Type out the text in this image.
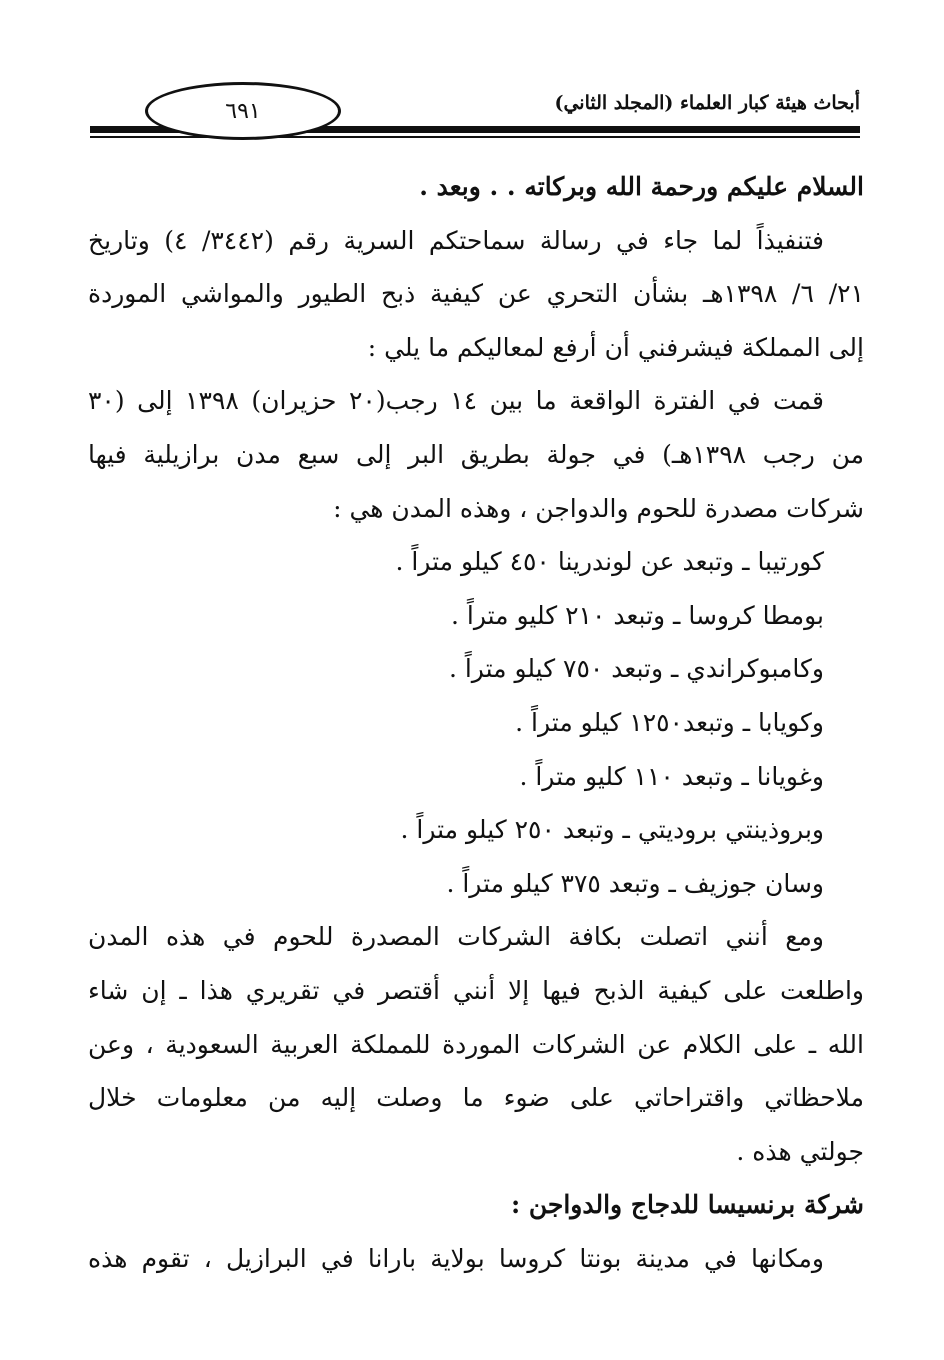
أبحاث هيئة كبار العلماء (المجلد الثاني)
٦٩١
السلام عليكم ورحمة الله وبركاته . . وبعد .
فتنفيذاً لما جاء في رسالة سماحتكم السرية رقم (٣٤٤٢/ ٤) وتاريخ
٢١/ ٦/ ١٣٩٨هـ بشأن التحري عن كيفية ذبح الطيور والمواشي الموردة
إلى المملكة فيشرفني أن أرفع لمعاليكم ما يلي :
قمت في الفترة الواقعة ما بين ١٤ رجب(٢٠ حزيران) ١٣٩٨ إلى (٣٠
من رجب ١٣٩٨هـ) في جولة بطريق البر إلى سبع مدن برازيلية فيها
شركات مصدرة للحوم والدواجن ، وهذه المدن هي :
كورتيبا ـ وتبعد عن لوندرينا ٤٥٠ كيلو متراً .
بومطا كروسا ـ وتبعد ٢١٠ كليو متراً .
وكامبوكراندي ـ وتبعد ٧٥٠ كيلو متراً .
وكويابا ـ وتبعد١٢٥٠ كيلو متراً .
وغويانا ـ وتبعد ١١٠ كليو متراً .
وبروذينتي بروديتي ـ وتبعد ٢٥٠ كيلو متراً .
وسان جوزيف ـ وتبعد ٣٧٥ كيلو متراً .
ومع أنني اتصلت بكافة الشركات المصدرة للحوم في هذه المدن
واطلعت على كيفية الذبح فيها إلا أنني أقتصر في تقريري هذا ـ إن شاء
الله ـ على الكلام عن الشركات الموردة للمملكة العربية السعودية ، وعن
ملاحظاتي واقتراحاتي على ضوء ما وصلت إليه من معلومات خلال
جولتي هذه .
شركة برنسيسا للدجاج والدواجن :
ومكانها في مدينة بونتا كروسا بولاية بارانا في البرازيل ، تقوم هذه
